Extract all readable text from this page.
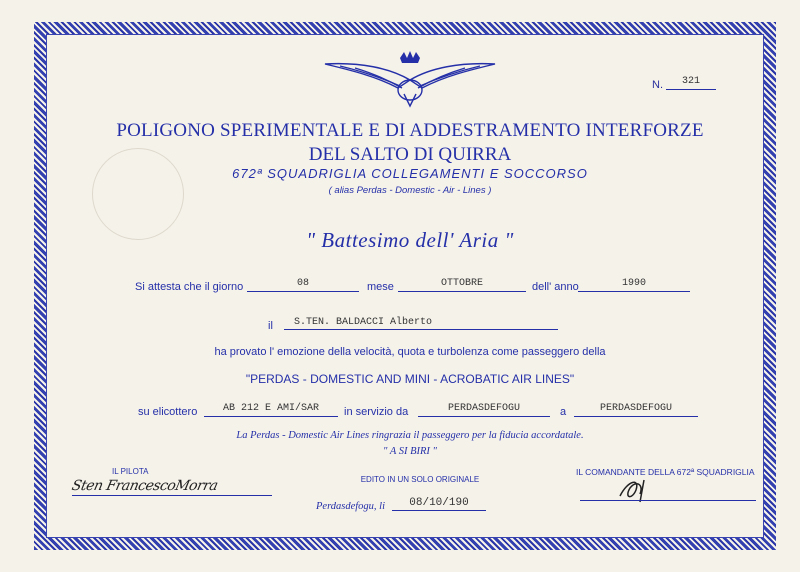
N.	321
POLIGONO SPERIMENTALE E DI ADDESTRAMENTO INTERFORZE
DEL SALTO DI QUIRRA
672ª SQUADRIGLIA COLLEGAMENTI E SOCCORSO
( alias Perdas - Domestic - Air - Lines )
" Battesimo dell' Aria "
Si attesta che il giorno	08	mese	OTTOBRE	dell' anno	1990
il	S.TEN. BALDACCI Alberto
ha provato l' emozione della velocità, quota e turbolenza come passeggero della
"PERDAS - DOMESTIC AND MINI - ACROBATIC AIR LINES"
su elicottero	AB 212 E AMI/SAR	in servizio da	PERDASDEFOGU	a	PERDASDEFOGU
La Perdas - Domestic Air Lines ringrazia il passeggero per la fiducia accordatale.
" A SI BIRI "
IL PILOTA
Sten FrancescoMorra	EDITO IN UN SOLO ORIGINALE
Perdasdefogu, li	08/10/190
IL COMANDANTE DELLA 672ª SQUADRIGLIA
